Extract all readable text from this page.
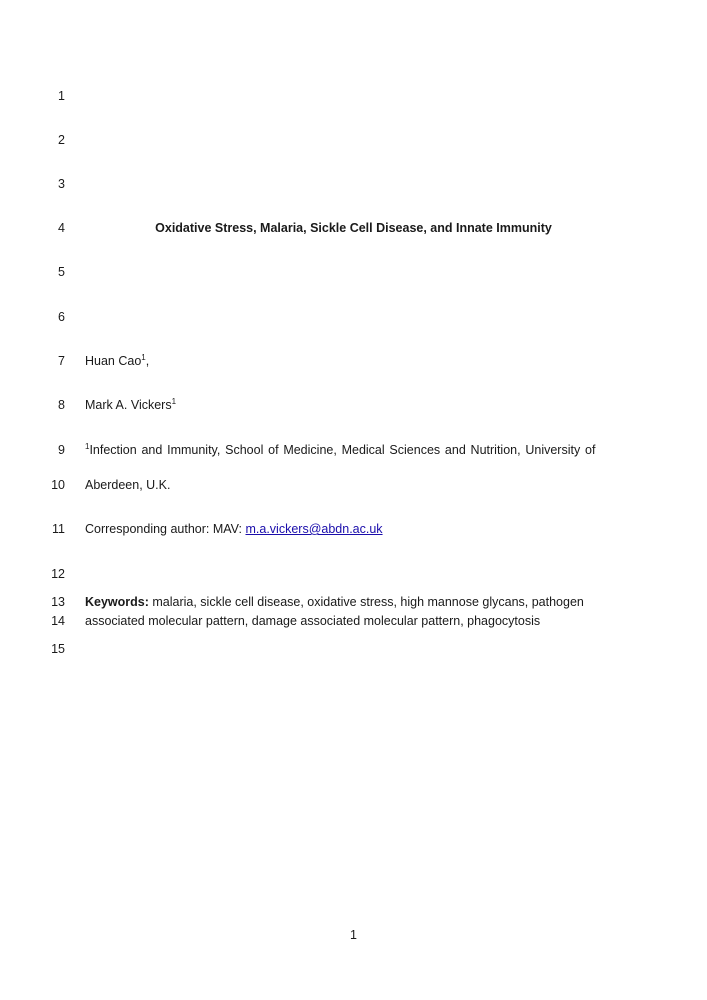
1
2
3
4
5
6
7
8
9
10
11
12
13
14
15
Oxidative Stress, Malaria, Sickle Cell Disease, and Innate Immunity
Huan Cao$^1$,
Mark A. Vickers$^1$
$^1$Infection and Immunity, School of Medicine, Medical Sciences and Nutrition, University of
Aberdeen, U.K.
Corresponding author: MAV: m.a.vickers@abdn.ac.uk
Keywords: malaria, sickle cell disease, oxidative stress, high mannose glycans, pathogen
associated molecular pattern, damage associated molecular pattern, phagocytosis
1
